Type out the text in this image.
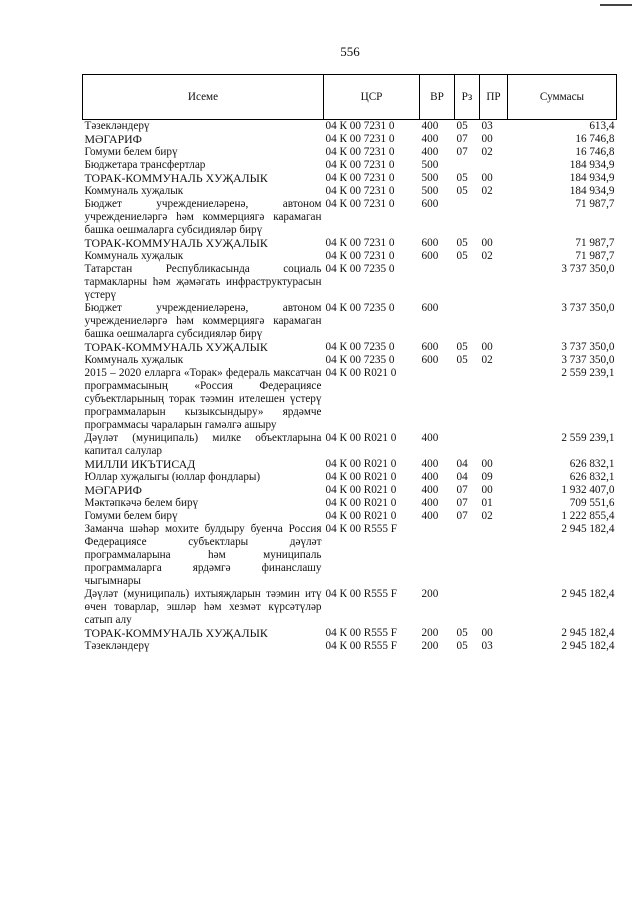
556
Исеме	ЦСР	ВР	Рз	ПР	Суммасы
Тәзекләндерү	04 К 00 7231 0	400	05	03	613,4
МӘГАРИФ	04 К 00 7231 0	400	07	00	16 746,8
Гомуми белем бирү	04 К 00 7231 0	400	07	02	16 746,8
Бюджетара трансфертлар	04 К 00 7231 0	500			184 934,9
ТОРАК-КОММУНАЛЬ ХУҖАЛЫК	04 К 00 7231 0	500	05	00	184 934,9
Коммуналь хуҗалык	04 К 00 7231 0	500	05	02	184 934,9
Бюджет учреждениеләренә, автоном учреждениеләргә һәм коммерциягә карамаган башка оешмаларга субсидияләр бирү	04 К 00 7231 0	600			71 987,7
ТОРАК-КОММУНАЛЬ ХУҖАЛЫК	04 К 00 7231 0	600	05	00	71 987,7
Коммуналь хуҗалык	04 К 00 7231 0	600	05	02	71 987,7
Татарстан Республикасында социаль тармакларны һәм җәмәгать инфраструктурасын үстерү	04 К 00 7235 0				3 737 350,0
Бюджет учреждениеләренә, автоном учреждениеләргә һәм коммерциягә карамаган башка оешмаларга субсидияләр бирү	04 К 00 7235 0	600			3 737 350,0
ТОРАК-КОММУНАЛЬ ХУҖАЛЫК	04 К 00 7235 0	600	05	00	3 737 350,0
Коммуналь хуҗалык	04 К 00 7235 0	600	05	02	3 737 350,0
2015 – 2020 елларга «Торак» федераль максатчан программасының «Россия Федерациясе субъектларының торак тәэмин ителешен үстерү программаларын кызыксындыру» ярдәмче программасы чараларын гамәлгә ашыру	04 К 00 R021 0				2 559 239,1
Дәүләт (муниципаль) милке объектларына капитал салулар	04 К 00 R021 0	400			2 559 239,1
МИЛЛИ ИКЪТИСАД	04 К 00 R021 0	400	04	00	626 832,1
Юллар хуҗалыгы (юллар фондлары)	04 К 00 R021 0	400	04	09	626 832,1
МӘГАРИФ	04 К 00 R021 0	400	07	00	1 932 407,0
Мәктәпкәчә белем бирү	04 К 00 R021 0	400	07	01	709 551,6
Гомуми белем бирү	04 К 00 R021 0	400	07	02	1 222 855,4
Заманча шәһәр мохите булдыру буенча Россия Федерациясе субъектлары дәүләт программаларына һәм муниципаль программаларга ярдәмгә финанслашу чыгымнары	04 К 00 R555 F				2 945 182,4
Дәүләт (муниципаль) ихтыяҗларын тәэмин итү өчен товарлар, эшләр һәм хезмәт күрсәтүләр сатып алу	04 К 00 R555 F	200			2 945 182,4
ТОРАК-КОММУНАЛЬ ХУҖАЛЫК	04 К 00 R555 F	200	05	00	2 945 182,4
Тәзекләндерү	04 К 00 R555 F	200	05	03	2 945 182,4
